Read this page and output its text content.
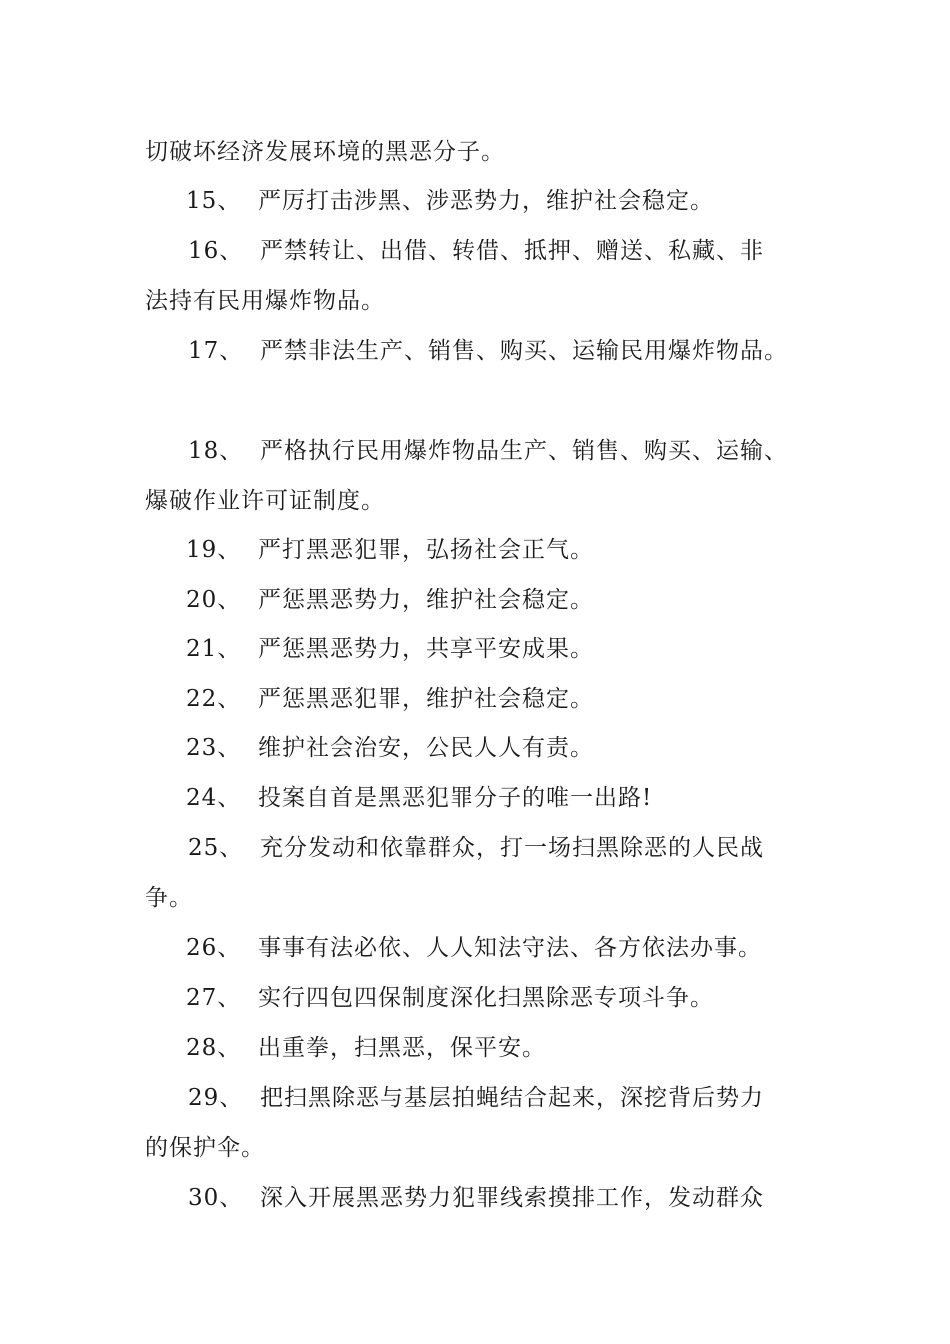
切破坏经济发展环境的黑恶分子。
15、 严厉打击涉黑、涉恶势力，维护社会稳定。
16、 严禁转让、出借、转借、抵押、赠送、私藏、非
法持有民用爆炸物品。
17、 严禁非法生产、销售、购买、运输民用爆炸物品。
18、 严格执行民用爆炸物品生产、销售、购买、运输、
爆破作业许可证制度。
19、 严打黑恶犯罪，弘扬社会正气。
20、 严惩黑恶势力，维护社会稳定。
21、 严惩黑恶势力，共享平安成果。
22、 严惩黑恶犯罪，维护社会稳定。
23、 维护社会治安，公民人人有责。
24、 投案自首是黑恶犯罪分子的唯一出路!
25、 充分发动和依靠群众，打一场扫黑除恶的人民战
争。
26、 事事有法必依、人人知法守法、各方依法办事。
27、 实行四包四保制度深化扫黑除恶专项斗争。
28、 出重拳，扫黑恶，保平安。
29、 把扫黑除恶与基层拍蝇结合起来，深挖背后势力
的保护伞。
30、 深入开展黑恶势力犯罪线索摸排工作，发动群众
